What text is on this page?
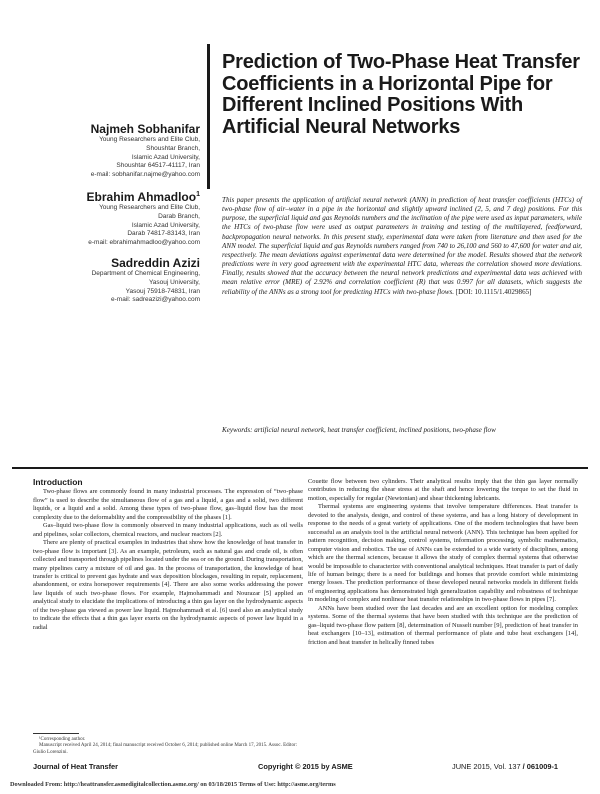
Prediction of Two-Phase Heat Transfer Coefficients in a Horizontal Pipe for Different Inclined Positions With Artificial Neural Networks
Najmeh Sobhanifar
Young Researchers and Elite Club,
Shoushtar Branch,
Islamic Azad University,
Shoushtar 64517-41117, Iran
e-mail: sobhanifar.najme@yahoo.com
Ebrahim Ahmadloo$^1$
Young Researchers and Elite Club,
Darab Branch,
Islamic Azad University,
Darab 74817-83143, Iran
e-mail: ebrahimahmadloo@yahoo.com
Sadreddin Azizi
Department of Chemical Engineering,
Yasouj University,
Yasouj 75918-74831, Iran
e-mail: sadreazizi@yahoo.com
This paper presents the application of artificial neural network (ANN) in prediction of heat transfer coefficients (HTCs) of two-phase flow of air–water in a pipe in the horizontal and slightly upward inclined (2, 5, and 7 deg) positions. For this purpose, the superficial liquid and gas Reynolds numbers and the inclination of the pipe were used as input parameters, while the HTCs of two-phase flow were used as output parameters in training and testing of the multilayered, feedforward, backpropagation neural networks. In this present study, experimental data were taken from literature and then used for the ANN model. The superficial liquid and gas Reynolds numbers ranged from 740 to 26,100 and 560 to 47,600 for water and air, respectively. The mean deviations against experimental data were determined for the model. Results showed that the network predictions were in very good agreement with the experimental HTC data, whereas the correlation showed more deviations. Finally, results showed that the accuracy between the neural network predictions and experimental data was achieved with mean relative error (MRE) of 2.92% and correlation coefficient (R) that was 0.997 for all datasets, which suggests the reliability of the ANNs as a strong tool for predicting HTCs with two-phase flows. [DOI: 10.1115/1.4029865]
Keywords: artificial neural network, heat transfer coefficient, inclined positions, two-phase flow
Introduction

Two-phase flows are commonly found in many industrial processes. The expression of “two-phase flow” is used to describe the simultaneous flow of a gas and a liquid, a gas and a solid, two different liquids, or a liquid and a solid. Among these types of two-phase flow, gas–liquid flow has the most complexity due to the deformability and the compressibility of the phases [1].

Gas–liquid two-phase flow is commonly observed in many industrial applications, such as oil wells and pipelines, solar collectors, chemical reactors, and nuclear reactors [2].

There are plenty of practical examples in industries that show how the knowledge of heat transfer in two-phase flow is important [3]. As an example, petroleum, such as natural gas and crude oil, is often collected and transported through pipelines located under the sea or on the ground. During transportation, many pipelines carry a mixture of oil and gas. In the process of transportation, the knowledge of heat transfer is critical to prevent gas hydrate and wax deposition blockages, resulting in repair, replacement, abandonment, or extra horsepower requirements [4]. There are also some works addressing the power law liquids of such two-phase flows. For example, Hajmohammadi and Nourazar [5] applied an analytical study to elucidate the implications of introducing a thin gas layer on the hydrodynamic aspects of the two-phase gas viewed as power law liquid. Hajmohammadi et al. [6] used also an analytical study to indicate the effects that a thin gas layer exerts on the hydrodynamic aspects of power law liquid in a radial

Couette flow between two cylinders. Their analytical results imply that the thin gas layer normally contributes in reducing the shear stress at the shaft and hence lowering the torque to set the fluid in motion, especially for regular (Newtonian) and shear thickening lubricants.

Thermal systems are engineering systems that involve temperature differences. Heat transfer is devoted to the analysis, design, and control of these systems, and has a long history of development in response to the needs of a great variety of applications. One of the modern technologies that have been successful as an analysis tool is the artificial neural network (ANN). This technique has been applied for pattern recognition, decision making, control systems, information processing, symbolic mathematics, computer vision and robotics. The use of ANNs can be extended to a wide variety of disciplines, among which are the thermal sciences, because it allows the study of complex thermal systems that otherwise would be impossible to characterize with conventional analytical techniques. Heat transfer is part of daily life of human beings; there is a need for buildings and homes that provide comfort while minimizing energy losses. The prediction performance of these developed neural networks models in different fields of engineering applications has demonstrated high generalization capability and robustness of technique in modeling of complex and nonlinear heat transfer relationships in two-phase flows in pipes [7].

ANNs have been studied over the last decades and are an excellent option for modeling complex systems. Some of the thermal systems that have been studied with this technique are the prediction of gas–liquid two-phase flow pattern [8], determination of Nusselt number [9], prediction of heat transfer in heat exchangers [10–13], estimation of thermal performance of plate and tube heat exchangers [14], friction and heat transfer in helically finned tubes

¹Corresponding author.

Manuscript received April 24, 2014; final manuscript received October 6, 2014; published online March 17, 2015. Assoc. Editor: Giulio Lorenzini.

Journal of Heat Transfer	Copyright © 2015 by ASME	JUNE 2015, Vol. 137 / 061009-1
Downloaded From: http://heattransfer.asmedigitalcollection.asme.org/ on 03/18/2015 Terms of Use: http://asme.org/terms
